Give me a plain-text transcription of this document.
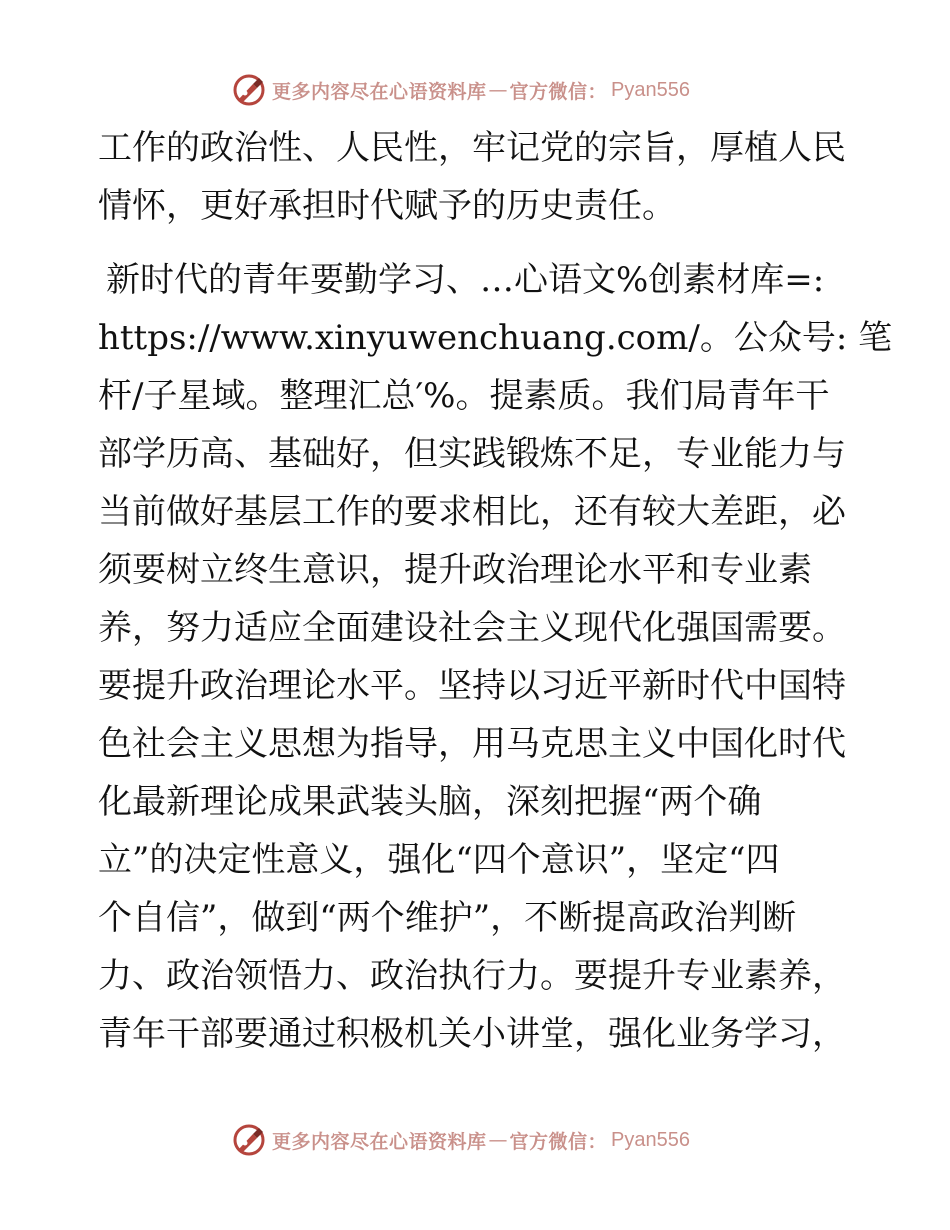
更多内容尽在心语资料库 — 官方微信： Pyan556
工作的政治性、人民性，牢记党的宗旨，厚植人民
情怀，更好承担时代赋予的历史责任。
新时代的青年要勤学习、…心语文%创素材库=:
https://www.xinyuwenchuang.com/。公众号: 笔
杆/子星域。整理汇总′%。提素质。我们局青年干
部学历高、基础好，但实践锻炼不足，专业能力与
当前做好基层工作的要求相比，还有较大差距，必
须要树立终生意识，提升政治理论水平和专业素
养，努力适应全面建设社会主义现代化强国需要。
要提升政治理论水平。坚持以习近平新时代中国特
色社会主义思想为指导，用马克思主义中国化时代
化最新理论成果武装头脑，深刻把握“两个确
立”的决定性意义，强化“四个意识”，坚定“四
个自信”，做到“两个维护”，不断提高政治判断
力、政治领悟力、政治执行力。要提升专业素养，
青年干部要通过积极机关小讲堂，强化业务学习，
更多内容尽在心语资料库 — 官方微信： Pyan556
